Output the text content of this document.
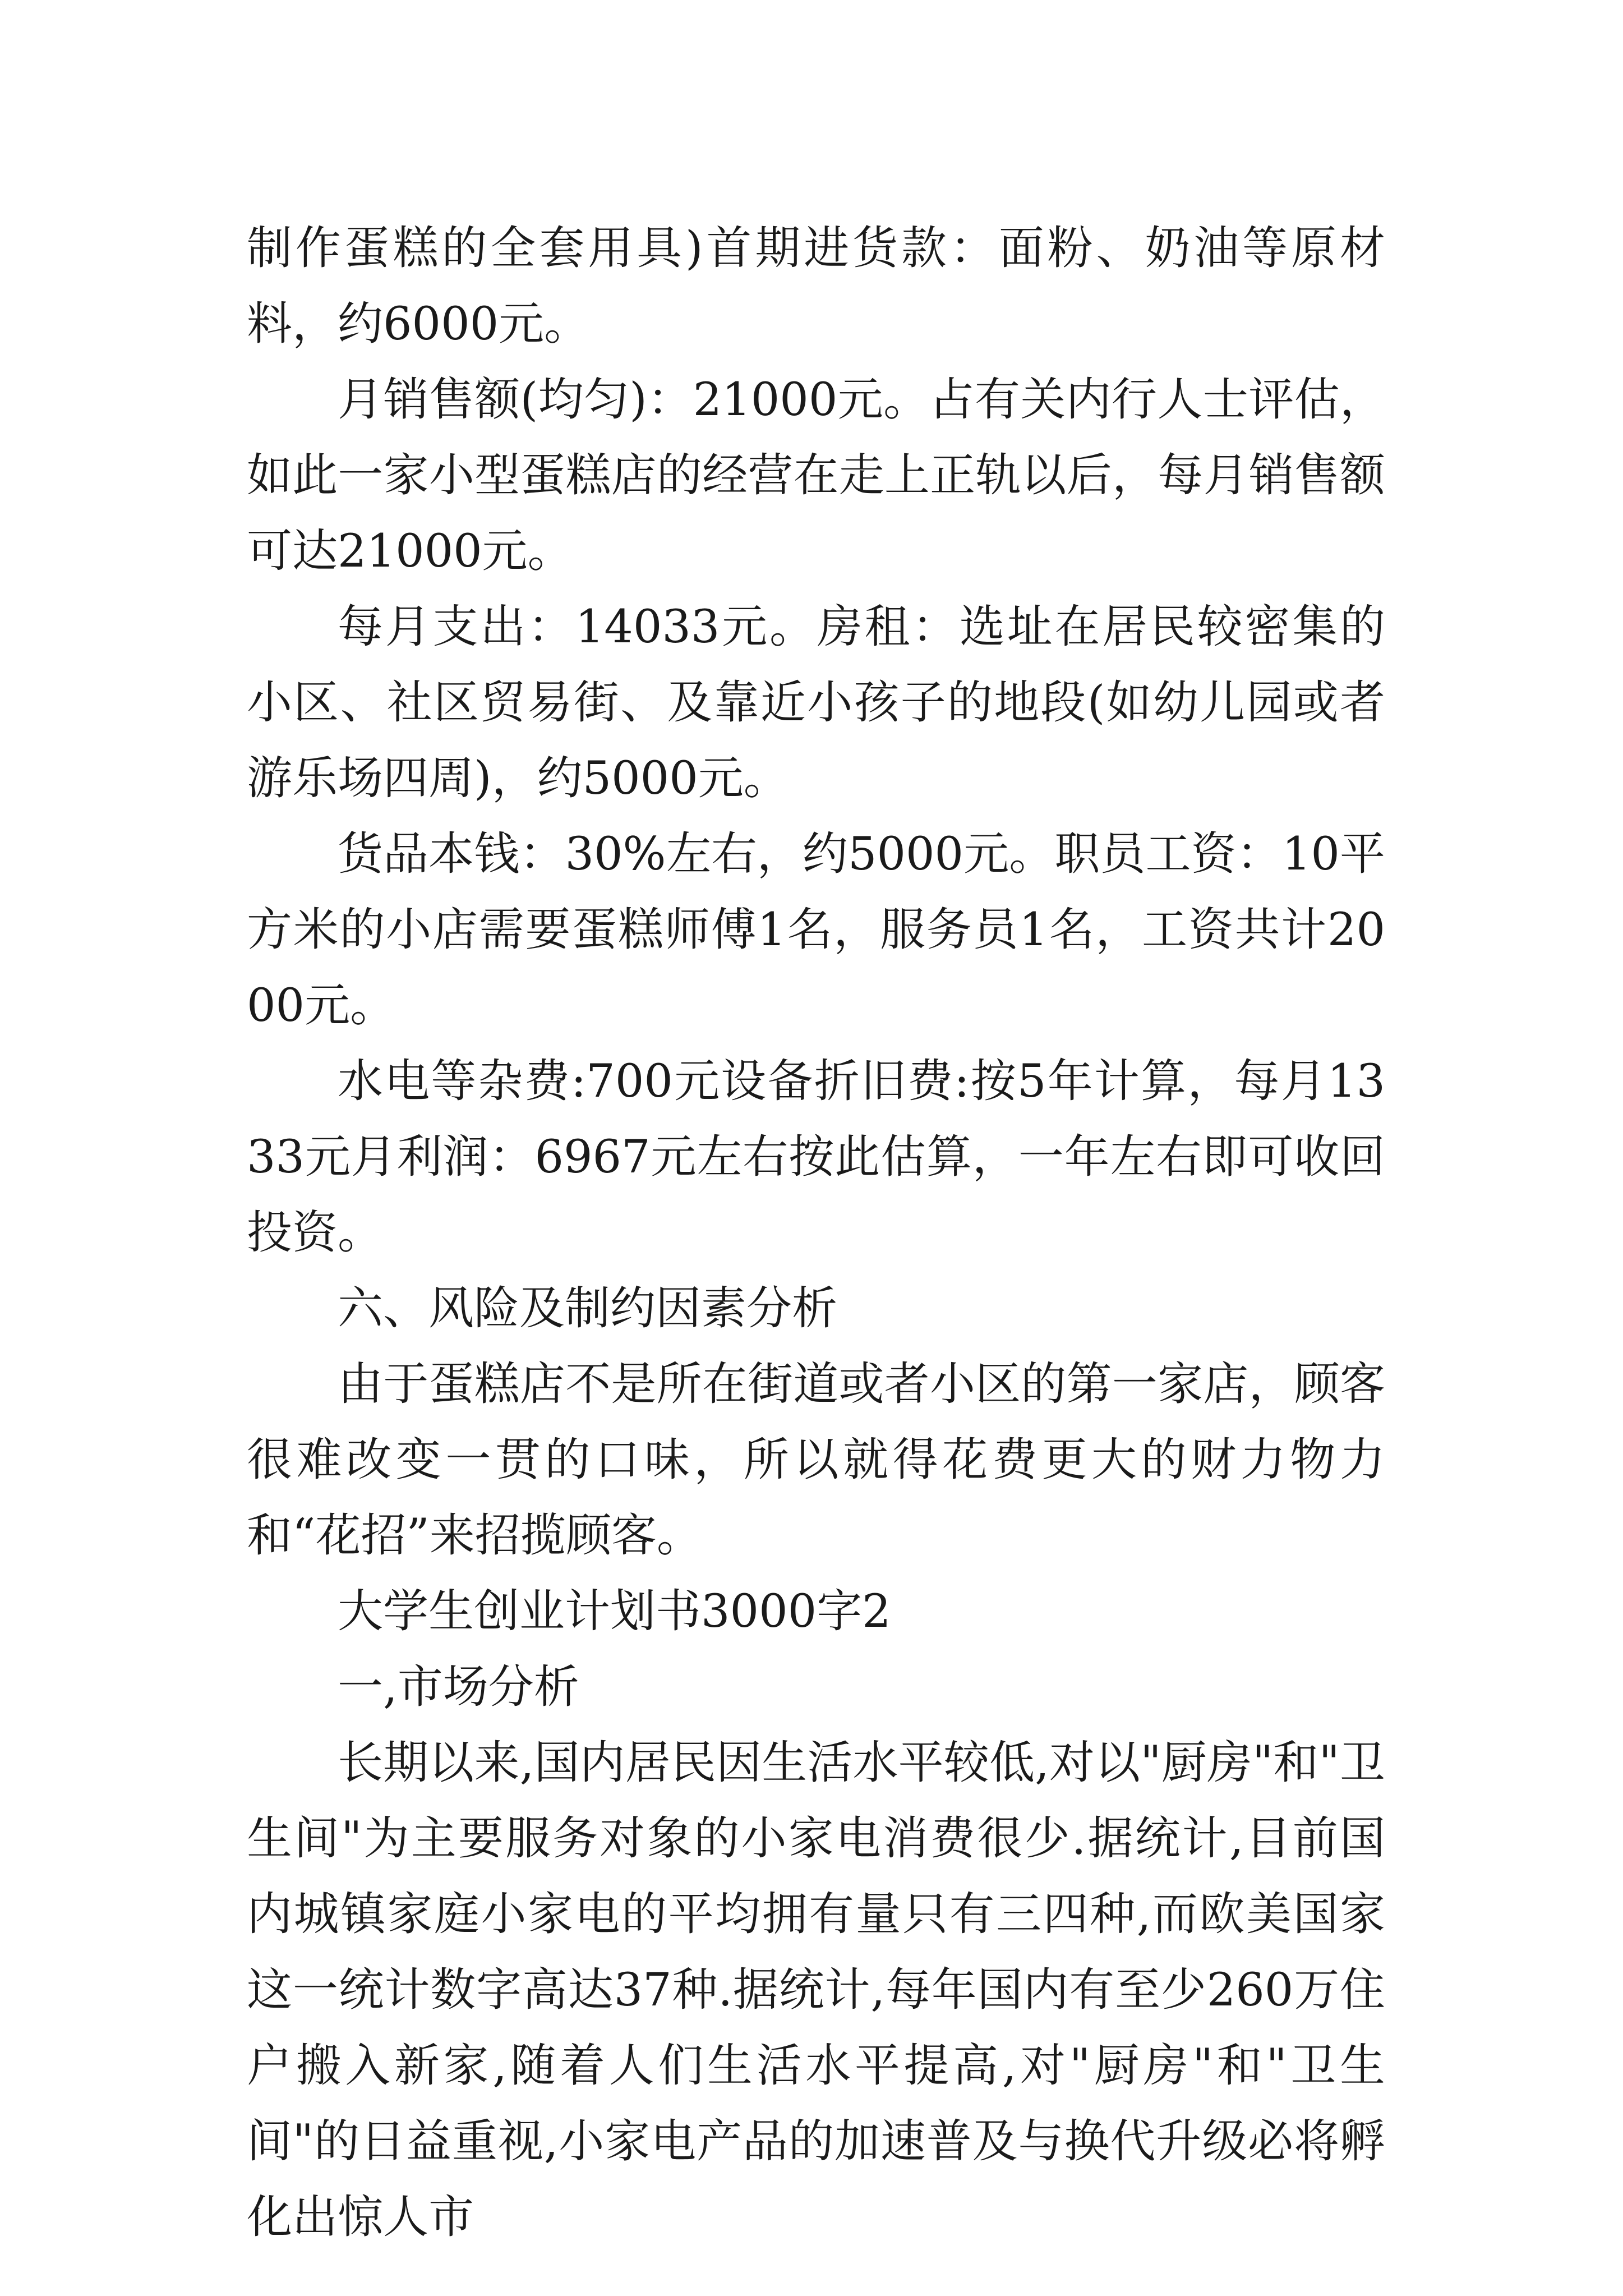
制作蛋糕的全套用具)首期进货款：面粉、奶油等原材料，约6000元。

月销售额(均匀)：21000元。占有关内行人士评估，如此一家小型蛋糕店的经营在走上正轨以后，每月销售额可达21000元。

每月支出：14033元。房租：选址在居民较密集的小区、社区贸易街、及靠近小孩子的地段(如幼儿园或者游乐场四周)，约5000元。

货品本钱：30%左右，约5000元。职员工资：10平方米的小店需要蛋糕师傅1名，服务员1名，工资共计2000元。

水电等杂费:700元设备折旧费:按5年计算，每月1333元月利润：6967元左右按此估算，一年左右即可收回投资。

六、风险及制约因素分析

由于蛋糕店不是所在街道或者小区的第一家店，顾客很难改变一贯的口味，所以就得花费更大的财力物力和“花招”来招揽顾客。

大学生创业计划书3000字2

一,市场分析

长期以来,国内居民因生活水平较低,对以"厨房"和"卫生间"为主要服务对象的小家电消费很少.据统计,目前国内城镇家庭小家电的平均拥有量只有三四种,而欧美国家这一统计数字高达37种.据统计,每年国内有至少260万住户搬入新家,随着人们生活水平提高,对"厨房"和"卫生间"的日益重视,小家电产品的加速普及与换代升级必将孵化出惊人市
